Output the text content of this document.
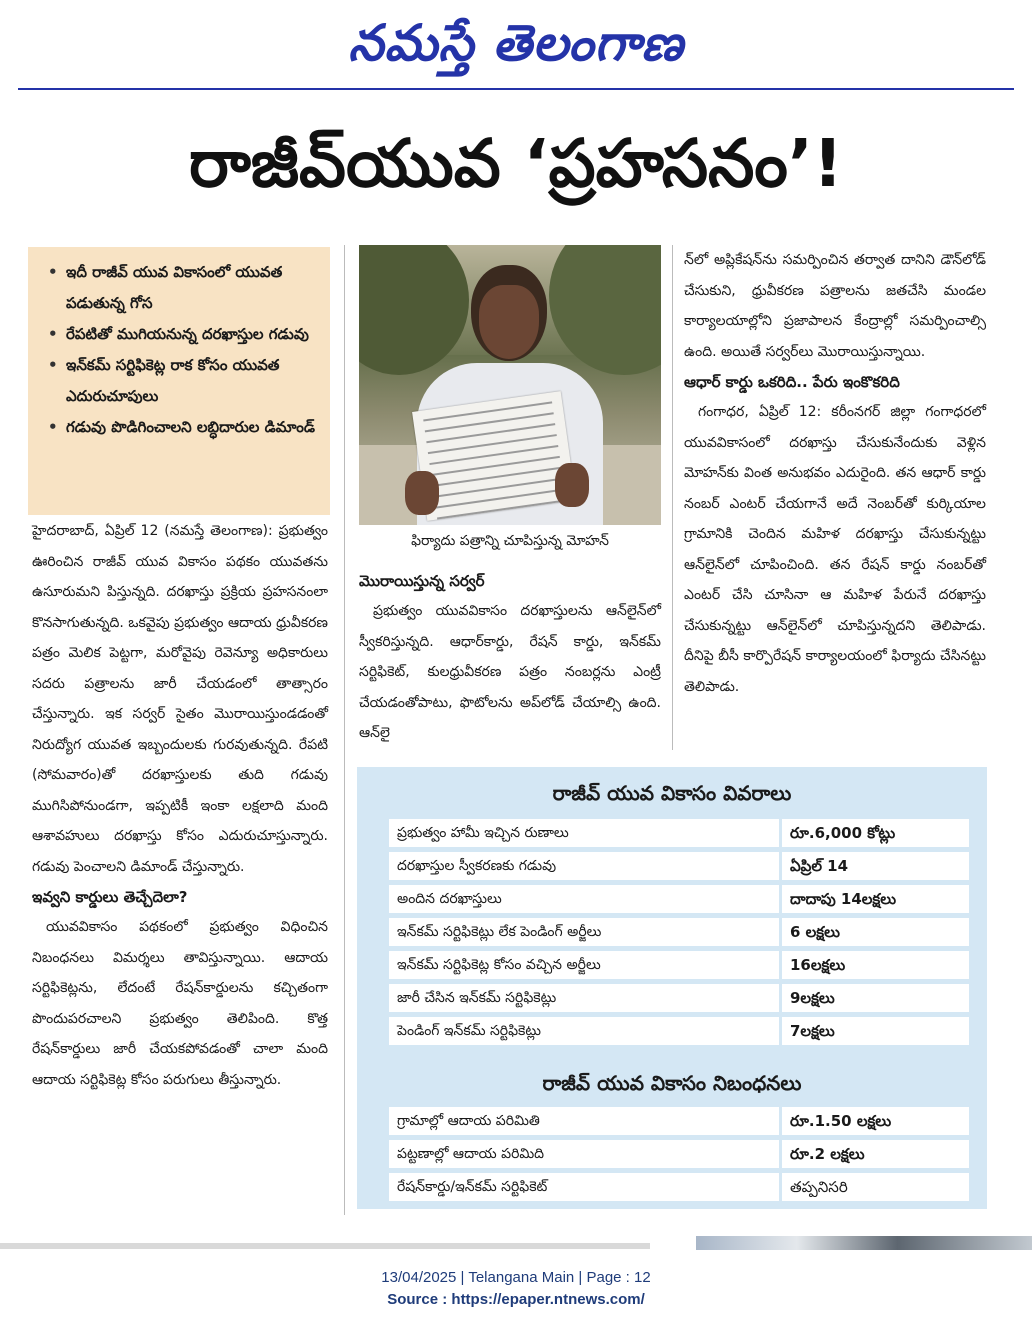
నమస్తే తెలంగాణ
రాజీవ్‌యువ ‘ప్రహసనం’!
• ఇదీ రాజీవ్ యువ వికాసంలో యువత పడుతున్న గోస
• రేపటితో ముగియనున్న దరఖాస్తుల గడువు
• ఇన్‌కమ్ సర్టిఫికెట్ల రాక కోసం యువత ఎదురుచూపులు
• గడువు పొడిగించాలని లబ్ధిదారుల డిమాండ్

హైదరాబాద్, ఏప్రిల్ 12 (నమస్తే తెలంగాణ): ప్రభుత్వం ఊరించిన రాజీవ్ యువ వికాసం పథకం యువతను ఉసూరుమని పిస్తున్నది. దరఖాస్తు ప్రక్రియ ప్రహసనంలా కొనసాగుతున్నది. ఒకవైపు ప్రభుత్వం ఆదాయ ధ్రువీకరణ పత్రం మెలిక పెట్టగా, మరోవైపు రెవెన్యూ అధికారులు సదరు పత్రాలను జారీ చేయడంలో తాత్సారం చేస్తున్నారు. ఇక సర్వర్ సైతం మొరాయిస్తుండడంతో నిరుద్యోగ యువత ఇబ్బందులకు గురవుతున్నది. రేపటి (సోమవారం)తో దరఖాస్తులకు తుది గడువు ముగిసిపోనుండగా, ఇప్పటికీ ఇంకా లక్షలాది మంది ఆశావహులు దరఖాస్తు కోసం ఎదురుచూస్తున్నారు. గడువు పెంచాలని డిమాండ్ చేస్తున్నారు.

ఇవ్వని కార్డులు తెచ్చేదెలా?

యువవికాసం పథకంలో ప్రభుత్వం విధించిన నిబంధనలు విమర్శలు తావిస్తున్నాయి. ఆదాయ సర్టిఫికెట్లను, లేదంటే రేషన్‌కార్డులను కచ్చితంగా పొందుపరచాలని ప్రభుత్వం తెలిపింది. కొత్త రేషన్‌కార్డులు జారీ చేయకపోవడంతో చాలా మంది ఆదాయ సర్టిఫికెట్ల కోసం పరుగులు తీస్తున్నారు.

ఫిర్యాదు పత్రాన్ని చూపిస్తున్న మోహన్

మొరాయిస్తున్న సర్వర్

ప్రభుత్వం యువవికాసం దరఖాస్తులను ఆన్‌లైన్‌లో స్వీకరిస్తున్నది. ఆధార్‌కార్డు, రేషన్ కార్డు, ఇన్‌కమ్ సర్టిఫికెట్, కులధ్రువీకరణ పత్రం నంబర్లను ఎంట్రీ చేయడంతోపాటు, ఫొటోలను అప్‌లోడ్ చేయాల్సి ఉంది. ఆన్‌లై

న్‌లో అప్లికేషన్‌ను సమర్పించిన తర్వాత దానిని డౌన్‌లోడ్ చేసుకుని, ధ్రువీకరణ పత్రాలను జతచేసి మండల కార్యాలయాల్లోని ప్రజాపాలన కేంద్రాల్లో సమర్పించాల్సి ఉంది. అయితే సర్వర్‌లు మొరాయిస్తున్నాయి.

ఆధార్ కార్డు ఒకరిది.. పేరు ఇంకొకరిది

గంగాధర, ఏప్రిల్ 12: కరీంనగర్ జిల్లా గంగాధరలో యువవికాసంలో దరఖాస్తు చేసుకునేందుకు వెళ్లిన మోహన్‌కు వింత అనుభవం ఎదురైంది. తన ఆధార్ కార్డు నంబర్ ఎంటర్ చేయగానే అదే నెంబర్‌తో కుర్కియాల గ్రామానికి చెందిన మహిళ దరఖాస్తు చేసుకున్నట్టు ఆన్‌లైన్‌లో చూపించింది. తన రేషన్ కార్డు నంబర్‌తో ఎంటర్ చేసి చూసినా ఆ మహిళ పేరునే దరఖాస్తు చేసుకున్నట్టు ఆన్‌లైన్‌లో చూపిస్తున్నదని తెలిపాడు. దీనిపై బీసీ కార్పొరేషన్ కార్యాలయంలో ఫిర్యాదు చేసినట్టు తెలిపాడు.

రాజీవ్ యువ వికాసం వివరాలు
ప్రభుత్వం హామీ ఇచ్చిన రుణాలు	రూ.6,000 కోట్లు
దరఖాస్తుల స్వీకరణకు గడువు	ఏప్రిల్ 14
అందిన దరఖాస్తులు	దాదాపు 14లక్షలు
ఇన్‌కమ్ సర్టిఫికెట్లు లేక పెండింగ్ అర్జీలు	6 లక్షలు
ఇన్‌కమ్ సర్టిఫికెట్ల కోసం వచ్చిన అర్జీలు	16లక్షలు
జారీ చేసిన ఇన్‌కమ్ సర్టిఫికెట్లు	9లక్షలు
పెండింగ్ ఇన్‌కమ్ సర్టిఫికెట్లు	7లక్షలు
రాజీవ్ యువ వికాసం నిబంధనలు
గ్రామాల్లో ఆదాయ పరిమితి	రూ.1.50 లక్షలు
పట్టణాల్లో ఆదాయ పరిమిది	రూ.2 లక్షలు
రేషన్‌కార్డు/ఇన్‌కమ్ సర్టిఫికెట్	తప్పనిసరి
13/04/2025 | Telangana Main | Page : 12
Source : https://epaper.ntnews.com/
